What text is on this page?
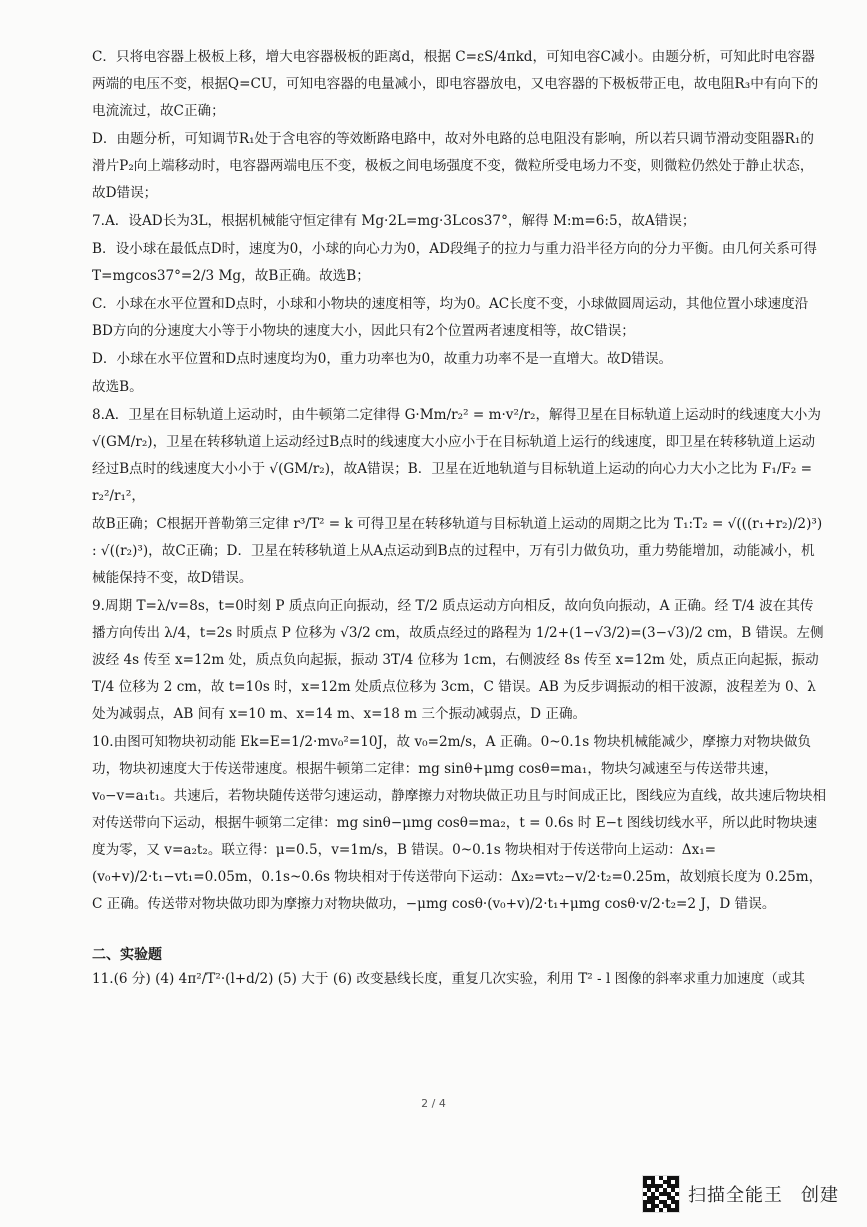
C．只将电容器上极板上移，增大电容器极板的距离d，根据 C=εS/4πkd，可知电容C减小。由题分析，可知此时电容器两端的电压不变，根据Q=CU，可知电容器的电量减小，即电容器放电，又电容器的下极板带正电，故电阻R₃中有向下的电流流过，故C正确；

D．由题分析，可知调节R₁处于含电容的等效断路电路中，故对外电路的总电阻没有影响，所以若只调节滑动变阻器R₁的滑片P₂向上端移动时，电容器两端电压不变，极板之间电场强度不变，微粒所受电场力不变，则微粒仍然处于静止状态，故D错误；

7.A．设AD长为3L，根据机械能守恒定律有 Mg·2L=mg·3Lcos37°，解得 M:m=6:5，故A错误；

B．设小球在最低点D时，速度为0，小球的向心力为0，AD段绳子的拉力与重力沿半径方向的分力平衡。由几何关系可得 T=mgcos37°=2/3 Mg，故B正确。故选B；

C．小球在水平位置和D点时，小球和小物块的速度相等，均为0。AC长度不变，小球做圆周运动，其他位置小球速度沿BD方向的分速度大小等于小物块的速度大小，因此只有2个位置两者速度相等，故C错误；

D．小球在水平位置和D点时速度均为0，重力功率也为0，故重力功率不是一直增大。故D错误。

故选B。

8.A．卫星在目标轨道上运动时，由牛顿第二定律得 G·Mm/r₂² = m·v²/r₂，解得卫星在目标轨道上运动时的线速度大小为 √(GM/r₂)，卫星在转移轨道上运动经过B点时的线速度大小应小于在目标轨道上运行的线速度，即卫星在转移轨道上运动经过B点时的线速度大小小于 √(GM/r₂)，故A错误；B．卫星在近地轨道与目标轨道上运动的向心力大小之比为 F₁/F₂ = r₂²/r₁²，

故B正确；C根据开普勒第三定律 r³/T² = k 可得卫星在转移轨道与目标轨道上运动的周期之比为 T₁:T₂ = √(((r₁+r₂)/2)³) : √((r₂)³)，故C正确；D．卫星在转移轨道上从A点运动到B点的过程中，万有引力做负功，重力势能增加，动能减小，机械能保持不变，故D错误。

9.周期 T=λ/v=8s，t=0时刻 P 质点向正向振动，经 T/2 质点运动方向相反，故向负向振动，A 正确。经 T/4 波在其传播方向传出 λ/4，t=2s 时质点 P 位移为 √3/2 cm，故质点经过的路程为 1/2+(1−√3/2)=(3−√3)/2 cm，B 错误。左侧波经 4s 传至 x=12m 处，质点负向起振，振动 3T/4 位移为 1cm，右侧波经 8s 传至 x=12m 处，质点正向起振，振动 T/4 位移为 2 cm，故 t=10s 时，x=12m 处质点位移为 3cm，C 错误。AB 为反步调振动的相干波源，波程差为 0、λ 处为减弱点，AB 间有 x=10 m、x=14 m、x=18 m 三个振动减弱点，D 正确。

10.由图可知物块初动能 Ek=E=1/2·mv₀²=10J，故 v₀=2m/s，A 正确。0~0.1s 物块机械能减少，摩擦力对物块做负功，物块初速度大于传送带速度。根据牛顿第二定律：mg sinθ+μmg cosθ=ma₁，物块匀减速至与传送带共速，v₀−v=a₁t₁。共速后，若物块随传送带匀速运动，静摩擦力对物块做正功且与时间成正比，图线应为直线，故共速后物块相对传送带向下运动，根据牛顿第二定律：mg sinθ−μmg cosθ=ma₂，t = 0.6s 时 E−t 图线切线水平，所以此时物块速度为零，又 v=a₂t₂。联立得：μ=0.5，v=1m/s，B 错误。0~0.1s 物块相对于传送带向上运动：Δx₁=(v₀+v)/2·t₁−vt₁=0.05m，0.1s~0.6s 物块相对于传送带向下运动：Δx₂=vt₂−v/2·t₂=0.25m，故划痕长度为 0.25m，C 正确。传送带对物块做功即为摩擦力对物块做功，−μmg cosθ·(v₀+v)/2·t₁+μmg cosθ·v/2·t₂=2 J，D 错误。

二、实验题

11.(6 分) (4) 4π²/T²·(l+d/2) (5) 大于 (6) 改变悬线长度，重复几次实验，利用 T² - l 图像的斜率求重力加速度（或其

2 / 4
扫描全能王 创建
